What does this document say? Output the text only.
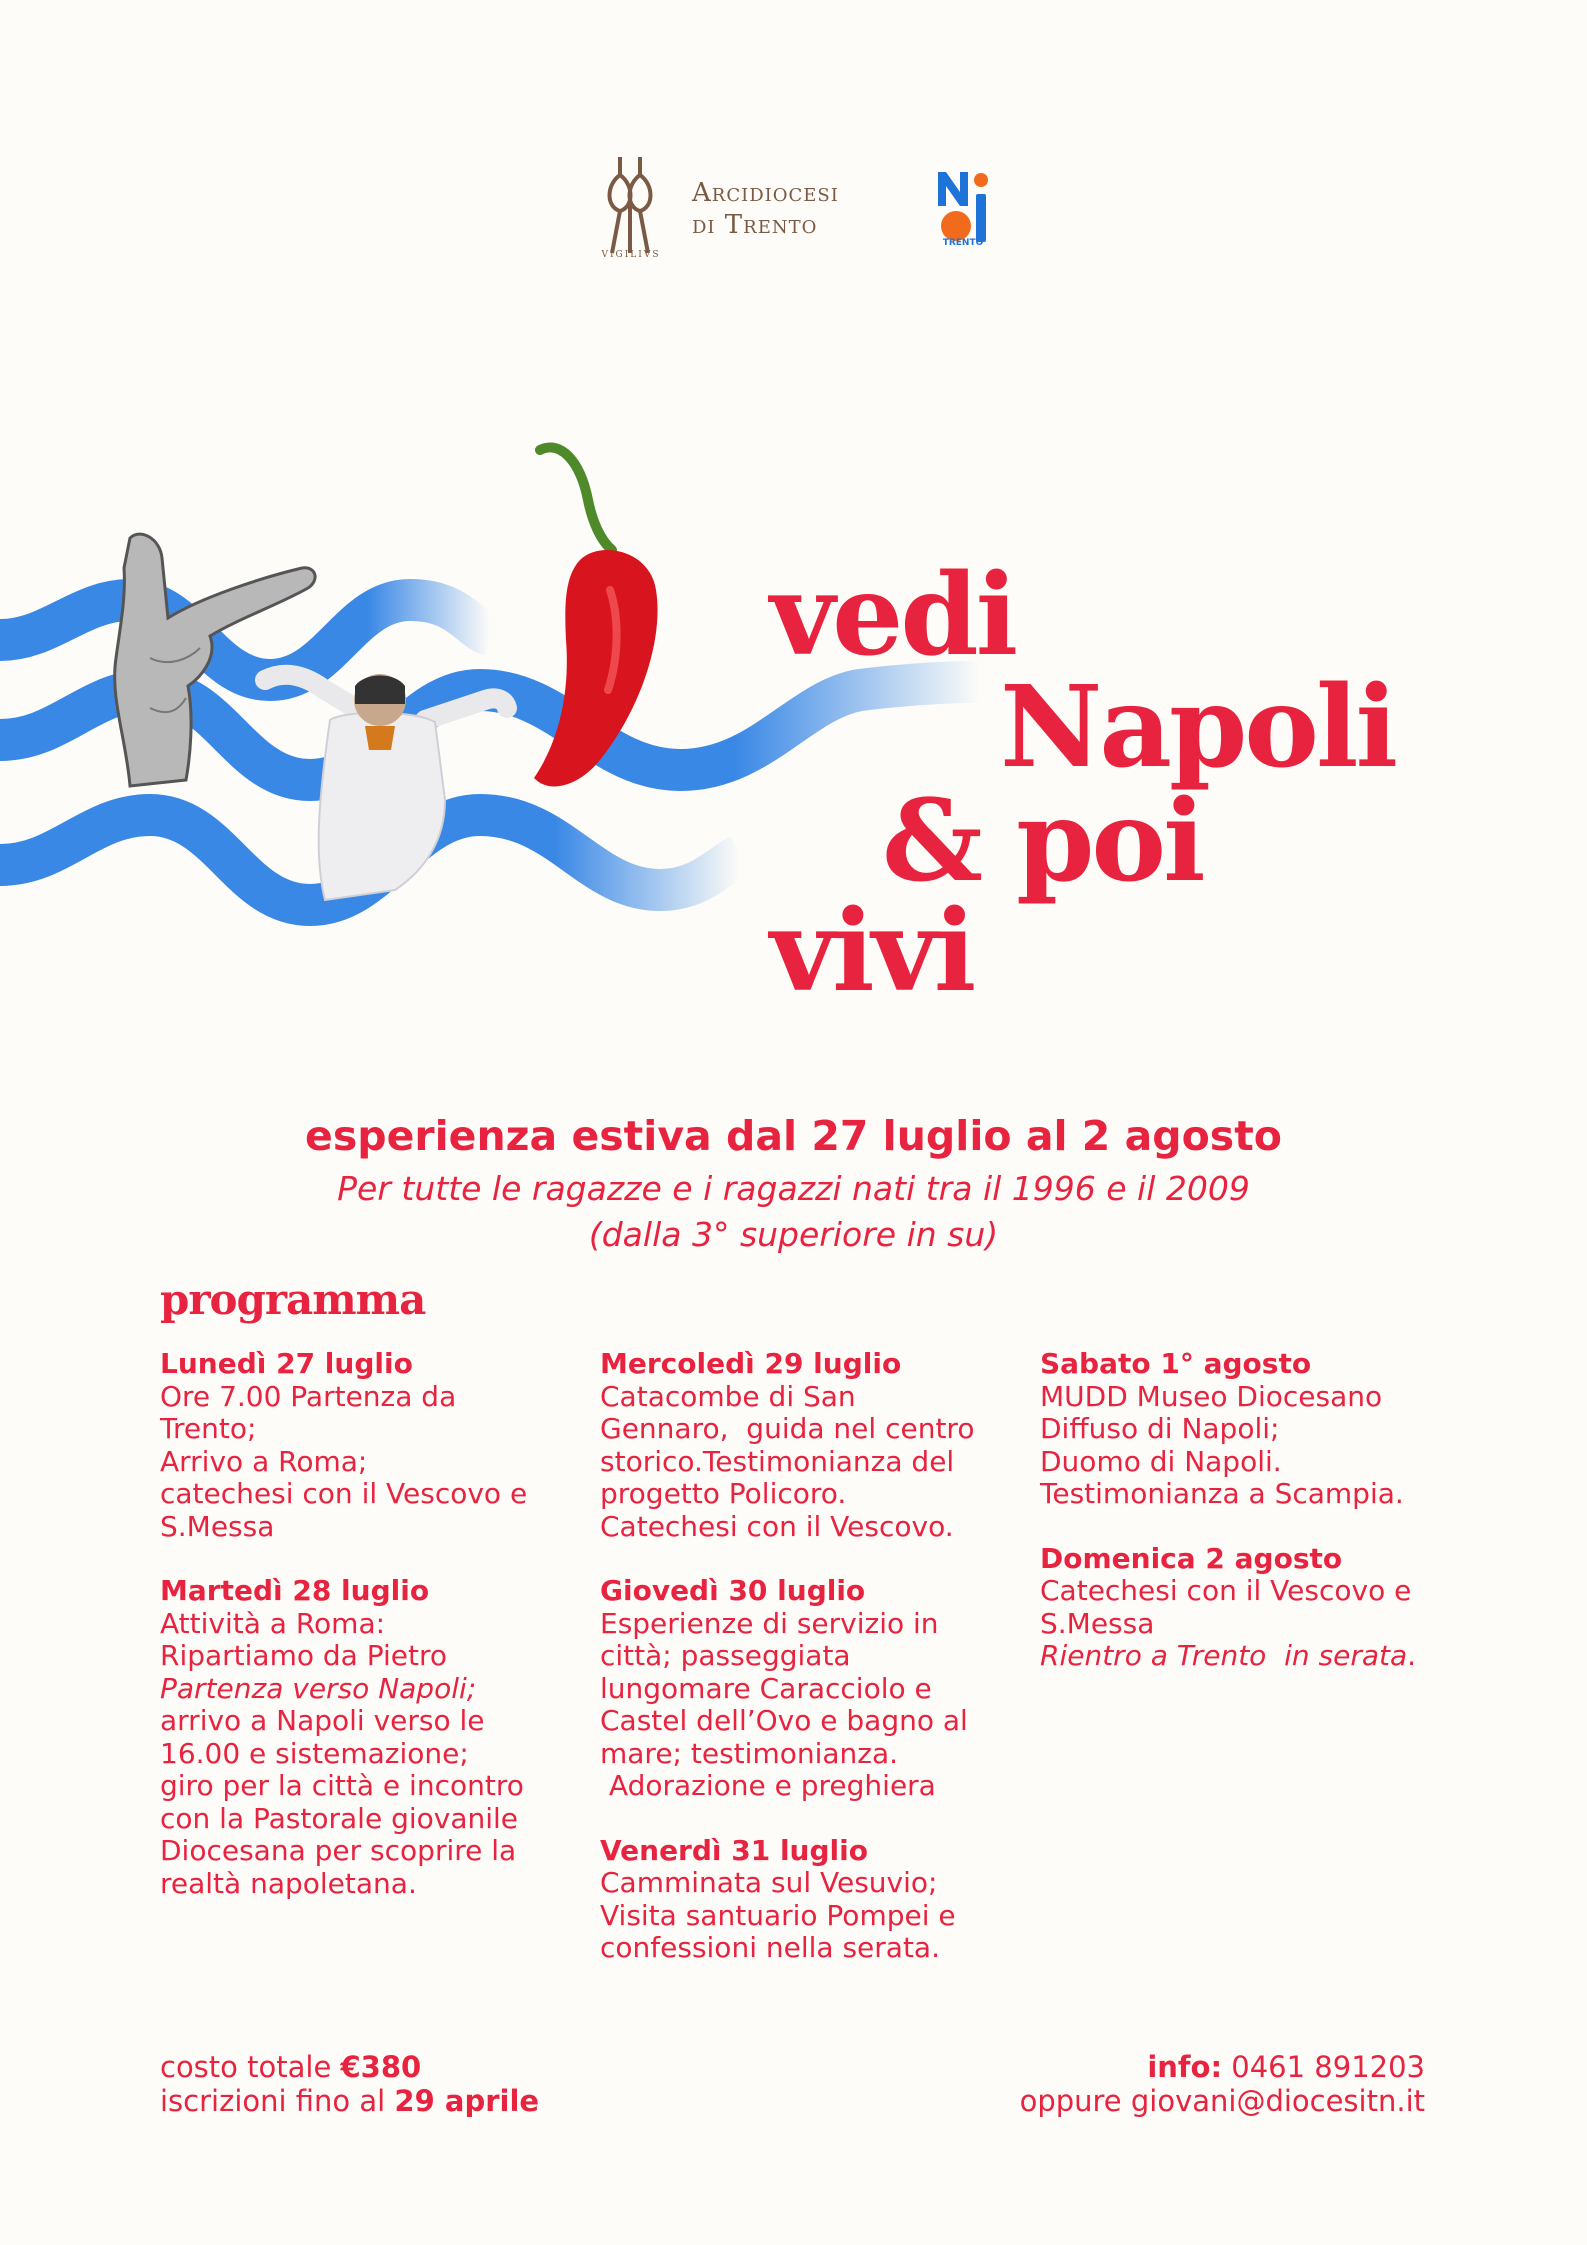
VIGILIVS
Arcidiocesi
di Trento
TRENTO
vedi
Napoli
& poi
vivi
esperienza estiva dal 27 luglio al 2 agosto
Per tutte le ragazze e i ragazzi nati tra il 1996 e il 2009
(dalla 3° superiore in su)
programma
Lunedì 27 luglio
Ore 7.00 Partenza da
Trento;
Arrivo a Roma;
catechesi con il Vescovo e
S.Messa
Martedì 28 luglio
Attività a Roma:
Ripartiamo da Pietro
Partenza verso Napoli;
arrivo a Napoli verso le
16.00 e sistemazione;
giro per la città e incontro
con la Pastorale giovanile
Diocesana per scoprire la
realtà napoletana.
Mercoledì 29 luglio
Catacombe di San
Gennaro,  guida nel centro
storico.Testimonianza del
progetto Policoro.
Catechesi con il Vescovo.
Giovedì 30 luglio
Esperienze di servizio in
città; passeggiata
lungomare Caracciolo e
Castel dell’Ovo e bagno al
mare; testimonianza.
Adorazione e preghiera
Venerdì 31 luglio
Camminata sul Vesuvio;
Visita santuario Pompei e
confessioni nella serata.
Sabato 1° agosto
MUDD Museo Diocesano
Diffuso di Napoli;
Duomo di Napoli.
Testimonianza a Scampia.
Domenica 2 agosto
Catechesi con il Vescovo e
S.Messa
Rientro a Trento  in serata.
costo totale €380
iscrizioni fino al 29 aprile
info: 0461 891203
oppure giovani@diocesitn.it
